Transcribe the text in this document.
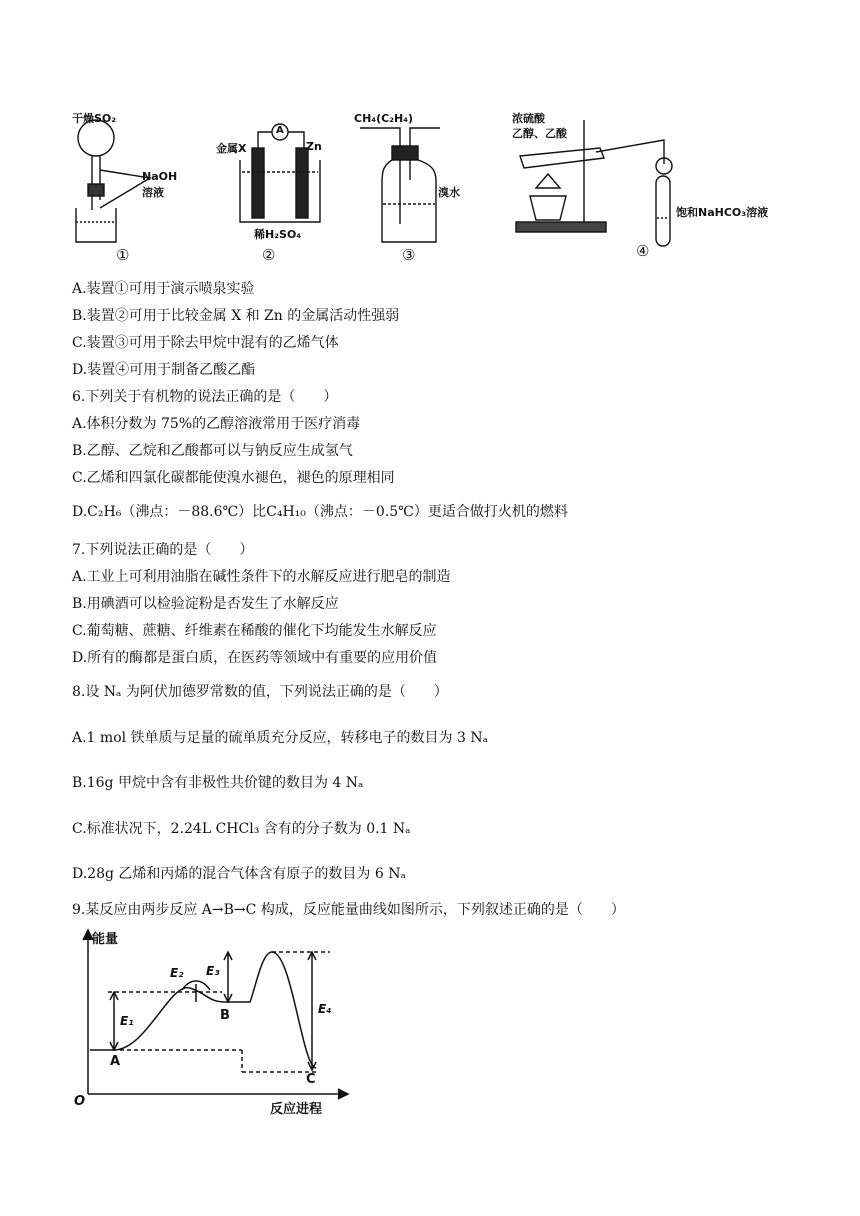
干燥SO₂
NaOH
溶液
①
金属X	Zn
A
稀H₂SO₄
②
CH₄(C₂H₄)
溴水
③
浓硫酸
乙醇、乙酸
饱和NaHCO₃溶液
④
A.装置①可用于演示喷泉实验
B.装置②可用于比较金属 X 和 Zn 的金属活动性强弱
C.装置③可用于除去甲烷中混有的乙烯气体
D.装置④可用于制备乙酸乙酯
6.下列关于有机物的说法正确的是（　　）
A.体积分数为 75%的乙醇溶液常用于医疗消毒
B.乙醇、乙烷和乙酸都可以与钠反应生成氢气
C.乙烯和四氯化碳都能使溴水褪色，褪色的原理相同
D.C₂H₆（沸点：－88.6℃）比C₄H₁₀（沸点：－0.5℃）更适合做打火机的燃料
7.下列说法正确的是（　　）
A.工业上可利用油脂在碱性条件下的水解反应进行肥皂的制造
B.用碘酒可以检验淀粉是否发生了水解反应
C.葡萄糖、蔗糖、纤维素在稀酸的催化下均能发生水解反应
D.所有的酶都是蛋白质，在医药等领域中有重要的应用价值
8.设 Nₐ 为阿伏加德罗常数的值，下列说法正确的是（　　）
A.1 mol 铁单质与足量的硫单质充分反应，转移电子的数目为 3 Nₐ
B.16g 甲烷中含有非极性共价键的数目为 4 Nₐ
C.标准状况下，2.24L CHCl₃ 含有的分子数为 0.1 Nₐ
D.28g 乙烯和丙烯的混合气体含有原子的数目为 6 Nₐ
9.某反应由两步反应 A→B→C 构成，反应能量曲线如图所示，下列叙述正确的是（　　）
能量
反应进程
O
A
B
C
E₁
E₂ E₃
E₄
